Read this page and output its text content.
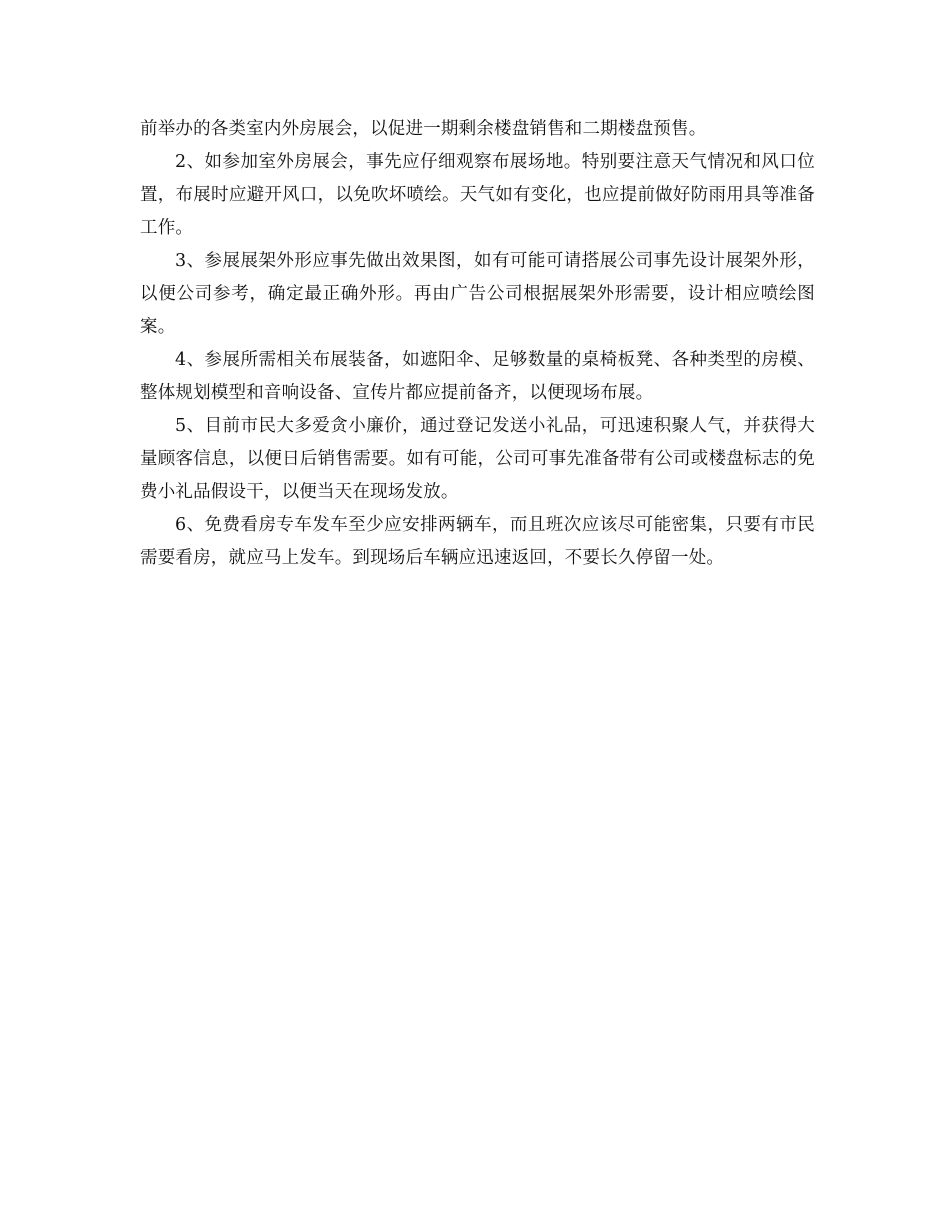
前举办的各类室内外房展会，以促进一期剩余楼盘销售和二期楼盘预售。

2、如参加室外房展会，事先应仔细观察布展场地。特别要注意天气情况和风口位置，布展时应避开风口，以免吹坏喷绘。天气如有变化，也应提前做好防雨用具等准备工作。

3、参展展架外形应事先做出效果图，如有可能可请搭展公司事先设计展架外形，以便公司参考，确定最正确外形。再由广告公司根据展架外形需要，设计相应喷绘图案。

4、参展所需相关布展装备，如遮阳伞、足够数量的桌椅板凳、各种类型的房模、整体规划模型和音响设备、宣传片都应提前备齐，以便现场布展。

5、目前市民大多爱贪小廉价，通过登记发送小礼品，可迅速积聚人气，并获得大量顾客信息，以便日后销售需要。如有可能，公司可事先准备带有公司或楼盘标志的免费小礼品假设干，以便当天在现场发放。

6、免费看房专车发车至少应安排两辆车，而且班次应该尽可能密集，只要有市民需要看房，就应马上发车。到现场后车辆应迅速返回，不要长久停留一处。
